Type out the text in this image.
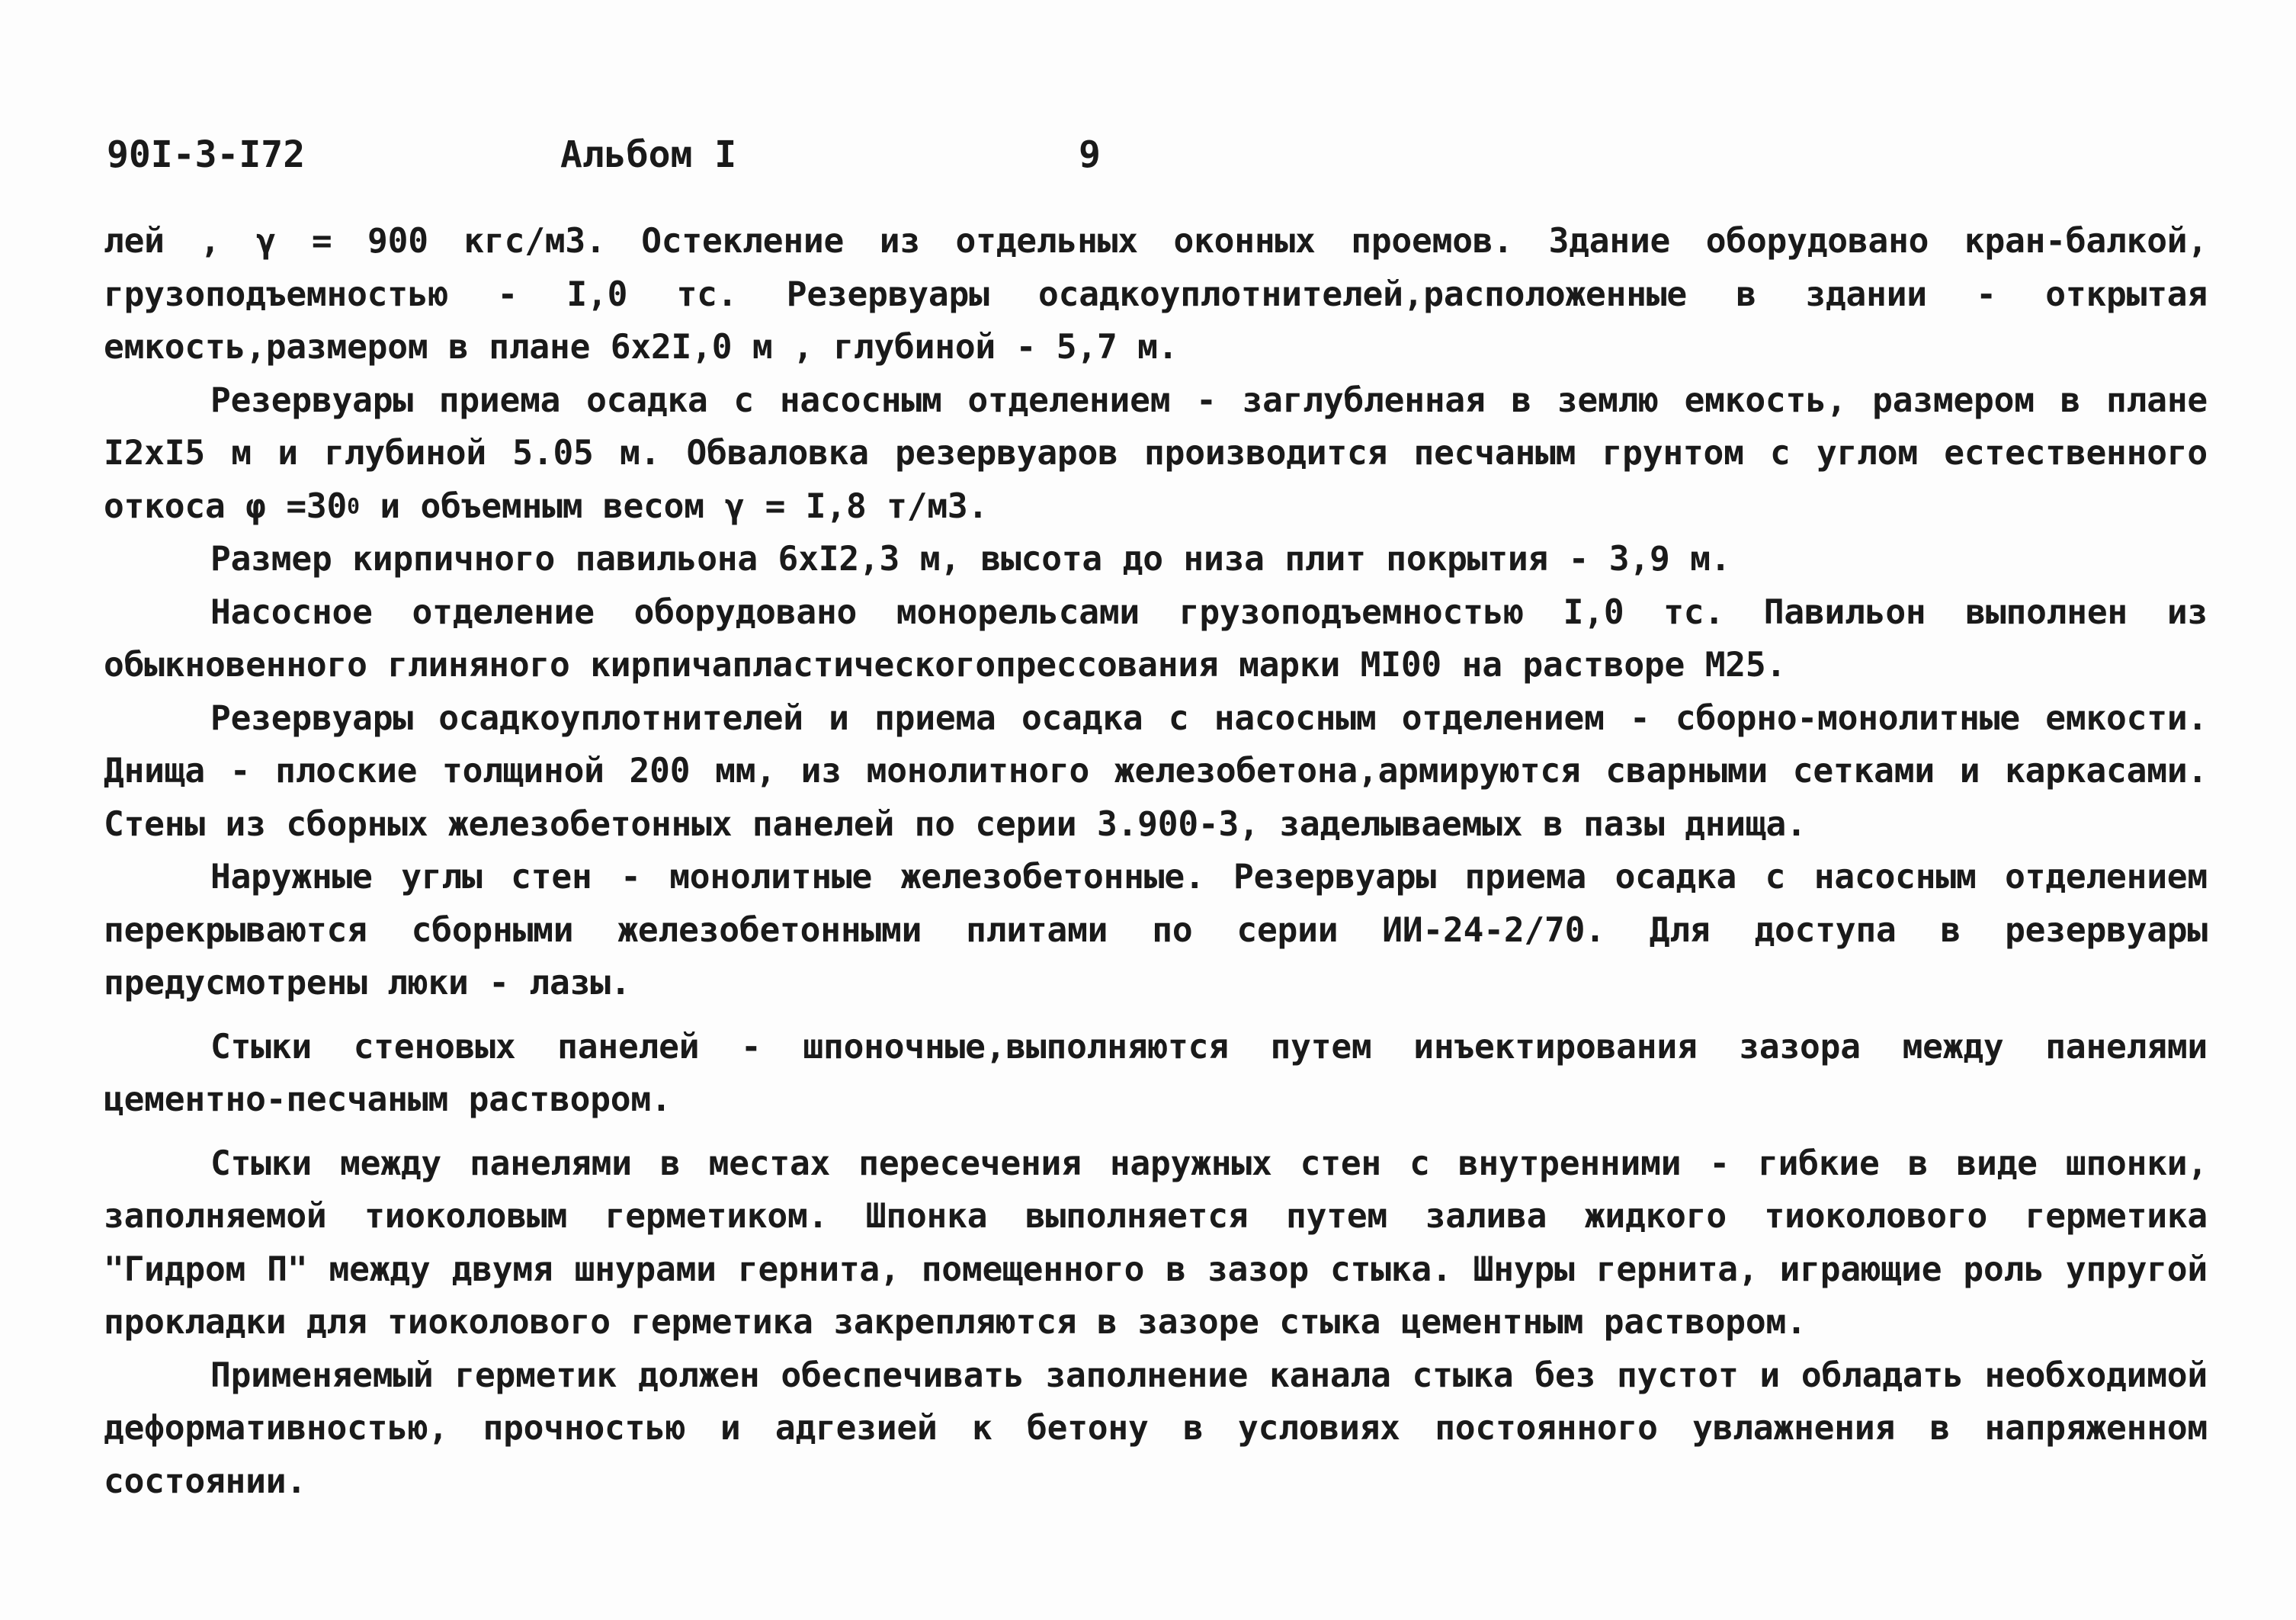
90I-3-I72	Альбом I	9

лей , γ = 900 кгс/м3. Остекление из отдельных оконных проемов. Здание оборудовано кран-балкой, грузоподъемностью - I,0 тс. Резервуары осадкоуплотнителей,расположенные в здании - открытая емкость,размером в плане 6х2I,0 м , глубиной - 5,7 м.

Резервуары приема осадка с насосным отделением - заглубленная в землю емкость, размером в плане I2хI5 м и глубиной 5.05 м. Обваловка резервуаров производится песчаным грунтом с углом естественного откоса $\varphi =30^0$ и объемным весом γ = I,8 т/м3.

Размер кирпичного павильона 6хI2,3 м, высота до низа плит покрытия - 3,9 м.

Насосное отделение оборудовано монорельсами грузоподъемностью I,0 тс. Павильон выполнен из обыкновенного глиняного кирпичапластическогопрессования марки МI00 на растворе М25.

Резервуары осадкоуплотнителей и приема осадка с насосным отделением - сборно-монолитные емкости. Днища - плоские толщиной 200 мм, из монолитного железобетона,армируются сварными сетками и каркасами. Стены из сборных железобетонных панелей по серии 3.900-3, заделываемых в пазы днища.

Наружные углы стен - монолитные железобетонные. Резервуары приема осадка с насосным отделением перекрываются сборными железобетонными плитами по серии ИИ-24-2/70. Для доступа в резервуары предусмотрены люки - лазы.

Стыки стеновых панелей - шпоночные,выполняются путем инъектирования зазора между панелями цементно-песчаным раствором.

Стыки между панелями в местах пересечения наружных стен с внутренними - гибкие в виде шпонки, заполняемой тиоколовым герметиком. Шпонка выполняется путем залива жидкого тиоколового герметика "Гидром П" между двумя шнурами гернита, помещенного в зазор стыка. Шнуры гернита, играющие роль упругой прокладки для тиоколового герметика закрепляются в зазоре стыка цементным раствором.

Применяемый герметик должен обеспечивать заполнение канала стыка без пустот и обладать необходимой деформативностью, прочностью и адгезией к бетону в условиях постоянного увлажнения в напряженном состоянии.
